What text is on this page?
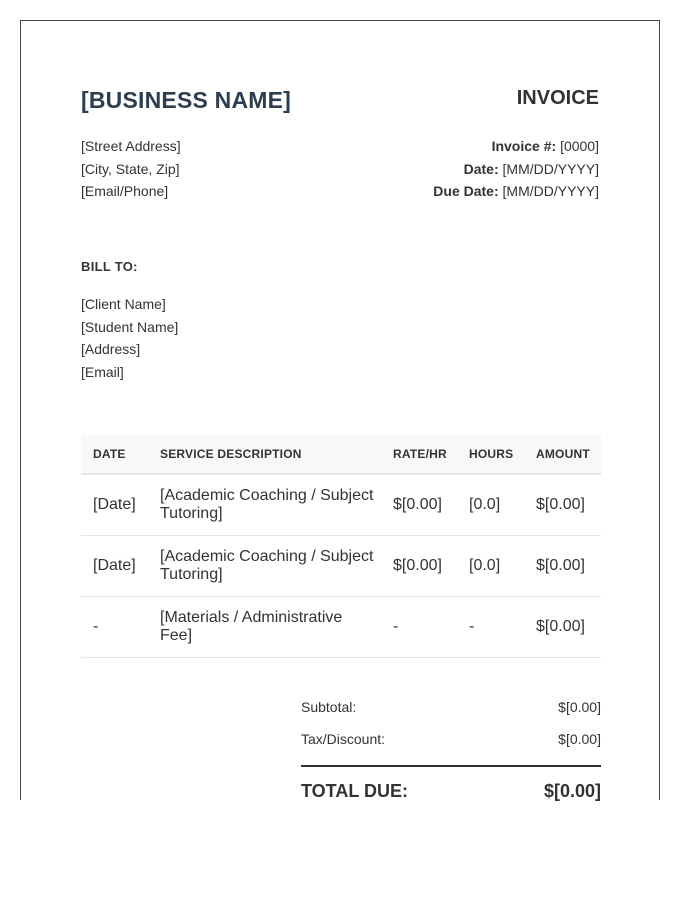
[BUSINESS NAME]	INVOICE
[Street Address]
[City, State, Zip]
[Email/Phone]
Invoice #: [0000]
Date: [MM/DD/YYYY]
Due Date: [MM/DD/YYYY]
BILL TO:
[Client Name]
[Student Name]
[Address]
[Email]
DATE	SERVICE DESCRIPTION	RATE/HR	HOURS	AMOUNT
[Date]	[Academic Coaching / Subject Tutoring]	$[0.00]	[0.0]	$[0.00]
[Date]	[Academic Coaching / Subject Tutoring]	$[0.00]	[0.0]	$[0.00]
-	[Materials / Administrative Fee]	-	-	$[0.00]
Subtotal:	$[0.00]
Tax/Discount:	$[0.00]
TOTAL DUE:	$[0.00]
